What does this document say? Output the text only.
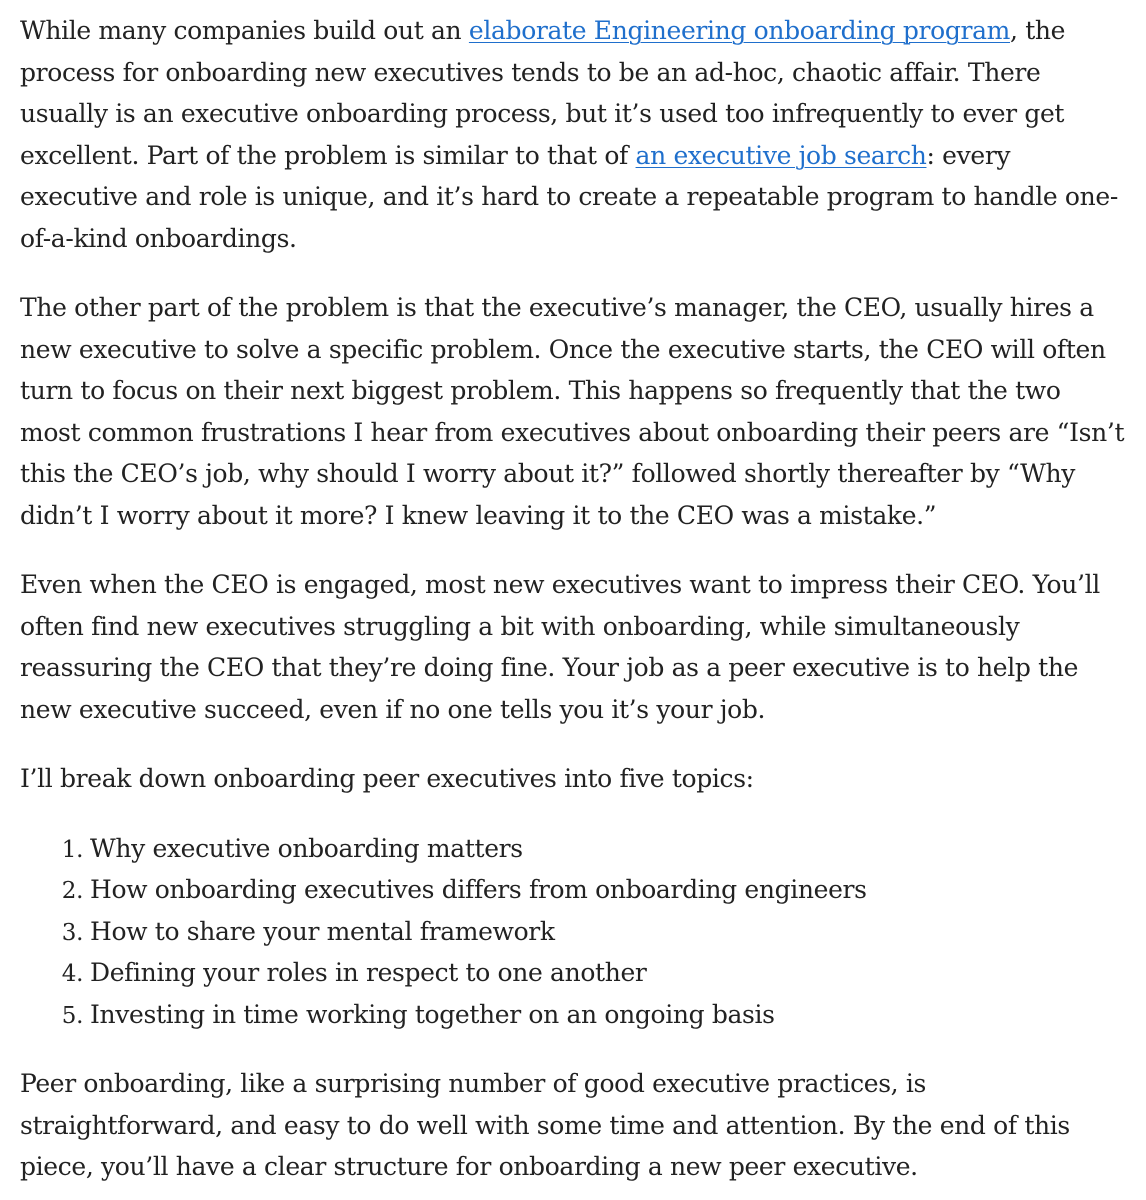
While many companies build out an elaborate Engineering onboarding program, the process for onboarding new executives tends to be an ad-hoc, chaotic affair. There usually is an executive onboarding process, but it’s used too infrequently to ever get excellent. Part of the problem is similar to that of an executive job search: every executive and role is unique, and it’s hard to create a repeatable program to handle one-of-a-kind onboardings.

The other part of the problem is that the executive’s manager, the CEO, usually hires a new executive to solve a specific problem. Once the executive starts, the CEO will often turn to focus on their next biggest problem. This happens so frequently that the two most common frustrations I hear from executives about onboarding their peers are “Isn’t this the CEO’s job, why should I worry about it?” followed shortly thereafter by “Why didn’t I worry about it more? I knew leaving it to the CEO was a mistake.”

Even when the CEO is engaged, most new executives want to impress their CEO. You’ll often find new executives struggling a bit with onboarding, while simultaneously reassuring the CEO that they’re doing fine. Your job as a peer executive is to help the new executive succeed, even if no one tells you it’s your job.

I’ll break down onboarding peer executives into five topics:

1. Why executive onboarding matters
2. How onboarding executives differs from onboarding engineers
3. How to share your mental framework
4. Defining your roles in respect to one another
5. Investing in time working together on an ongoing basis

Peer onboarding, like a surprising number of good executive practices, is straightforward, and easy to do well with some time and attention. By the end of this piece, you’ll have a clear structure for onboarding a new peer executive.
